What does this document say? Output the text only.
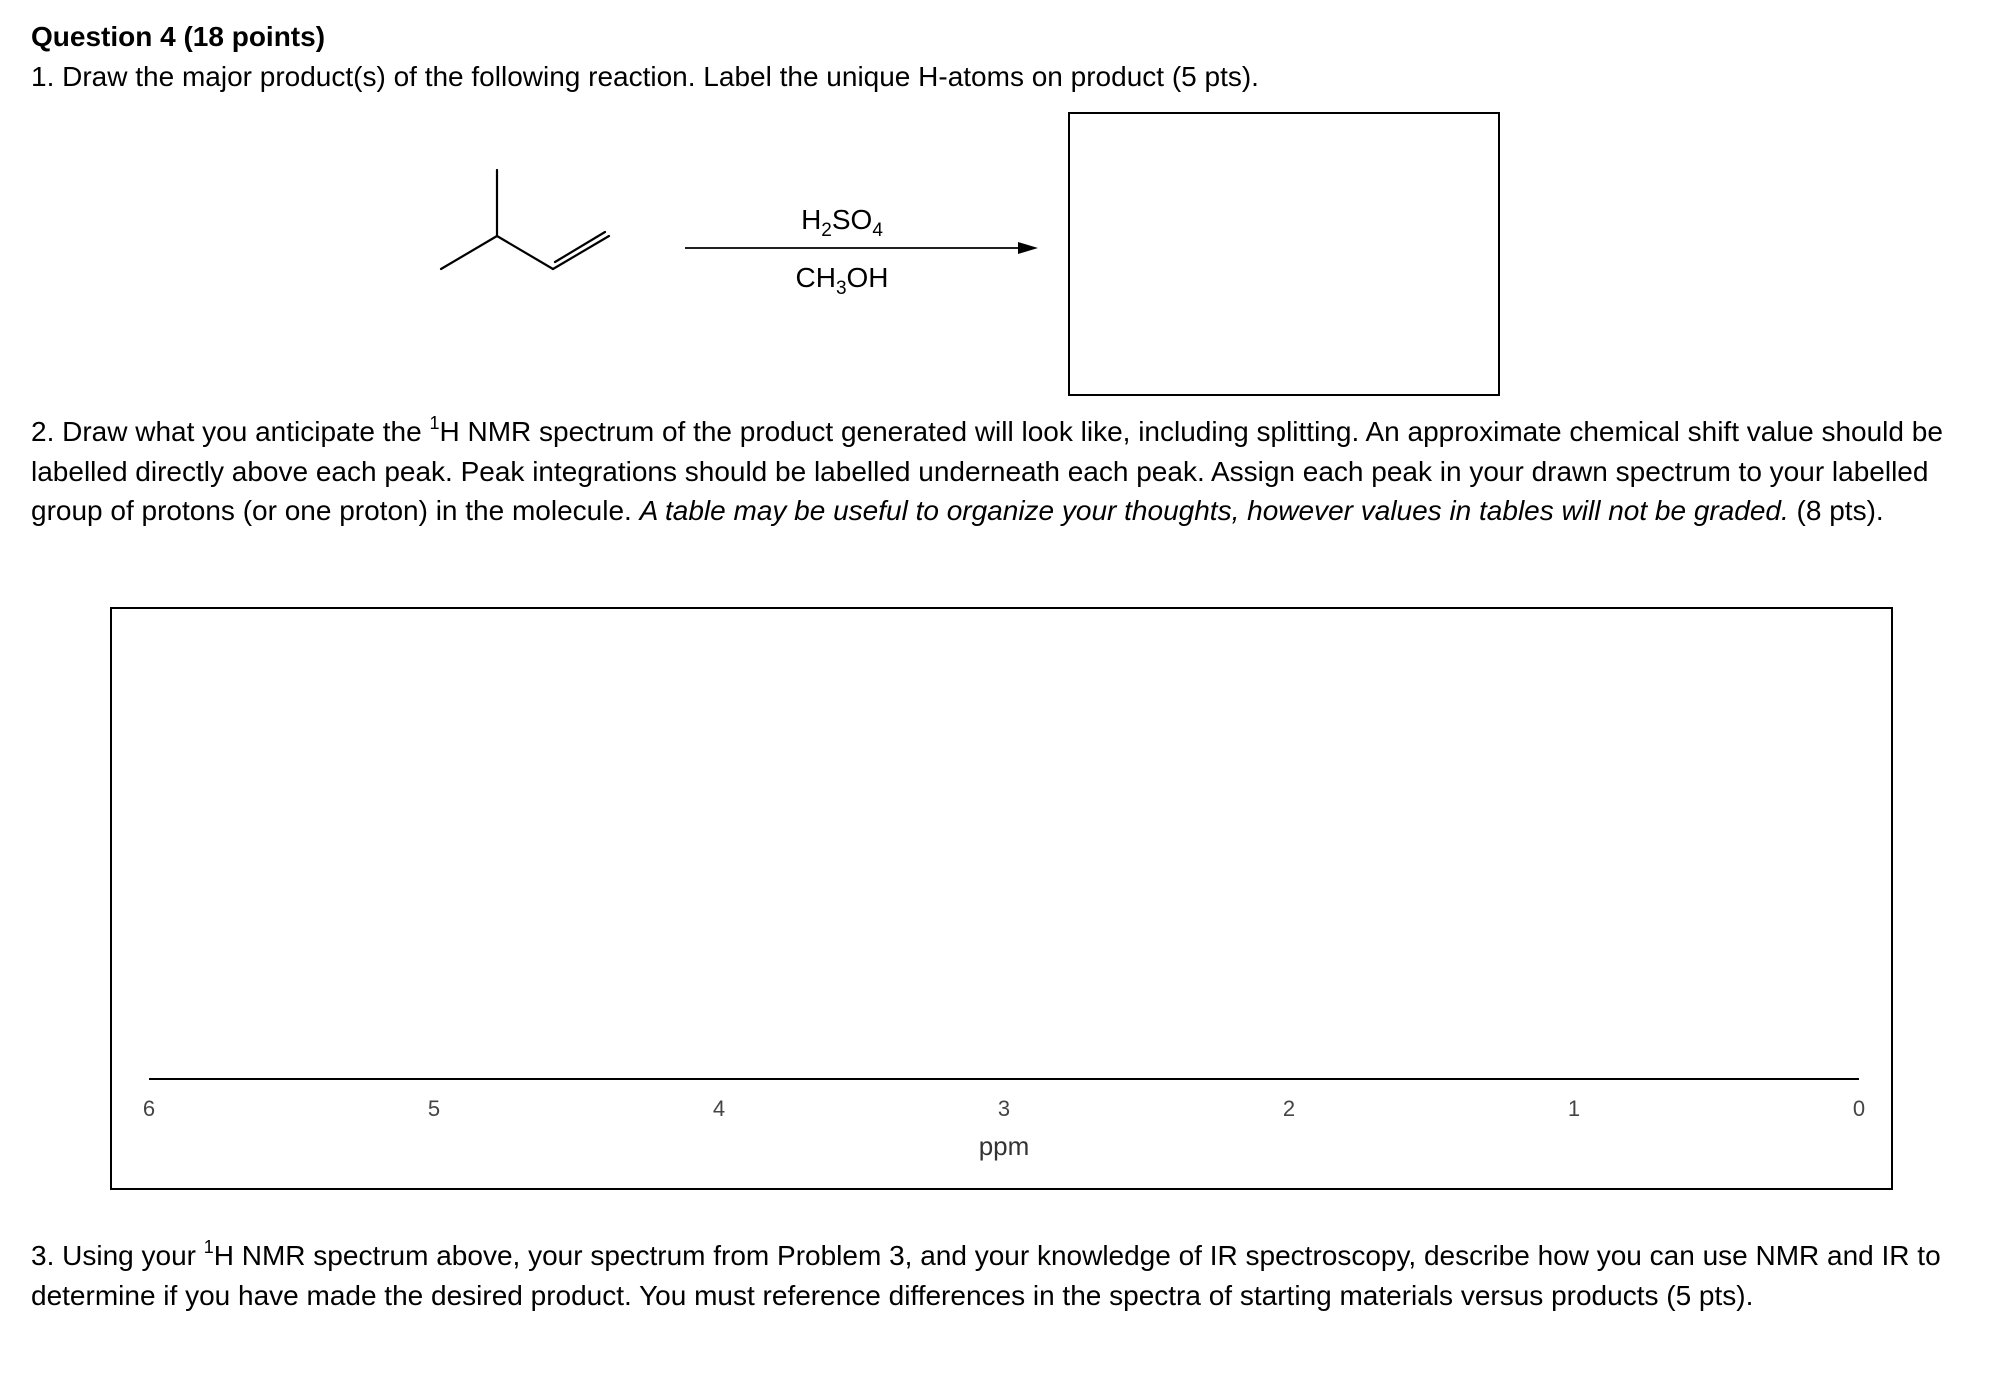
Question 4 (18 points)
1. Draw the major product(s) of the following reaction. Label the unique H-atoms on product (5 pts).
$H_2SO_4$
$CH_3OH$
2. Draw what you anticipate the $^1$H NMR spectrum of the product generated will look like, including splitting. An approximate chemical shift value should be labelled directly above each peak. Peak integrations should be labelled underneath each peak. Assign each peak in your drawn spectrum to your labelled group of protons (or one proton) in the molecule. A table may be useful to organize your thoughts, however values in tables will not be graded. (8 pts).
6	5	4	3	2	1	0
ppm
3. Using your $^1$H NMR spectrum above, your spectrum from Problem 3, and your knowledge of IR spectroscopy, describe how you can use NMR and IR to determine if you have made the desired product. You must reference differences in the spectra of starting materials versus products (5 pts).
